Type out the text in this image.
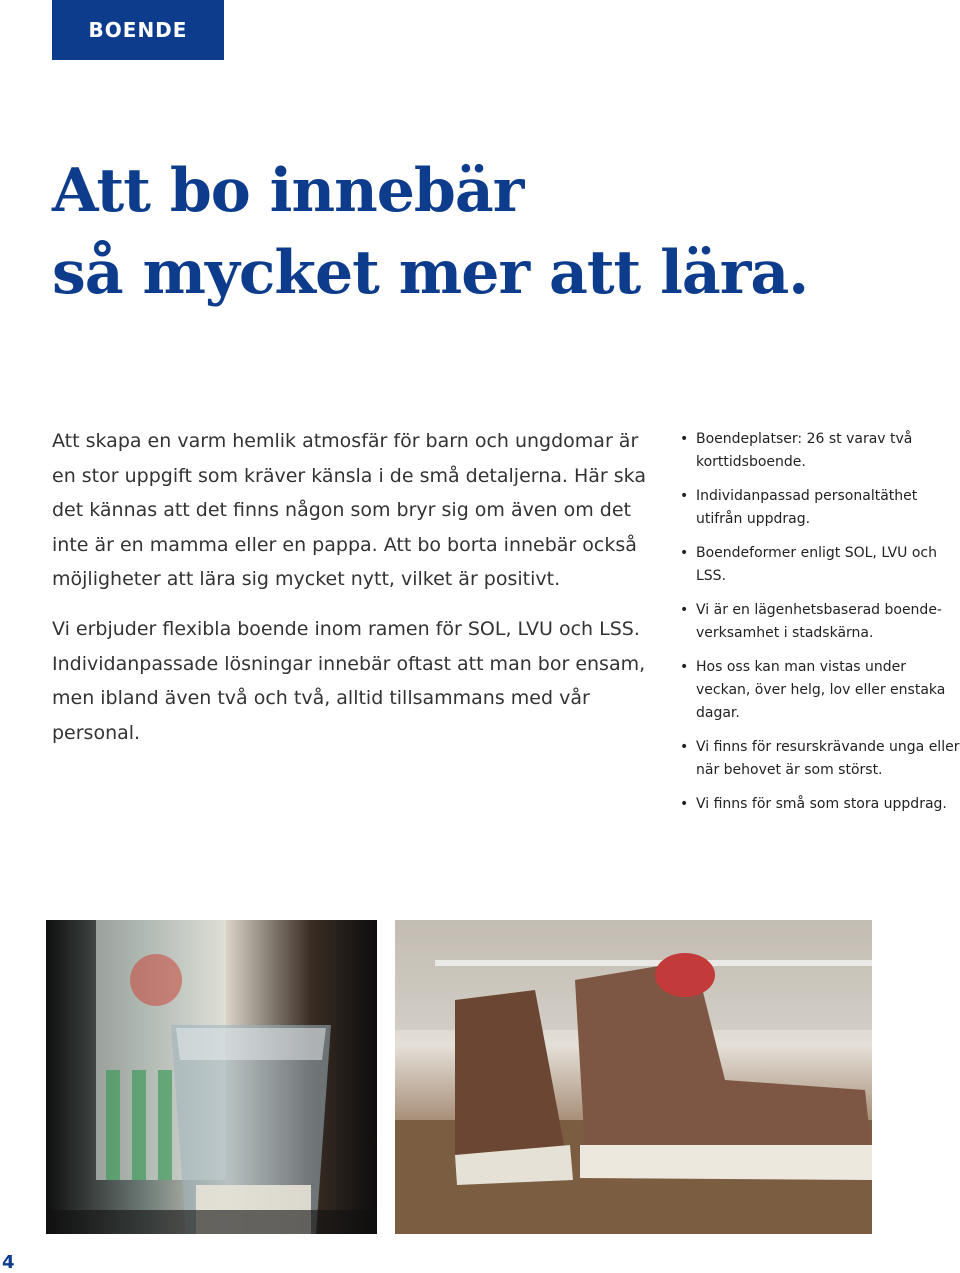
BOENDE
Att bo innebär
så mycket mer att lära.

Att skapa en varm hemlik atmosfär för barn och ungdomar är en stor uppgift som kräver känsla i de små detaljerna. Här ska det kännas att det finns någon som bryr sig om även om det inte är en mamma eller en pappa. Att bo borta innebär också möjligheter att lära sig mycket nytt, vilket är positivt.

Vi erbjuder flexibla boende inom ramen för SOL, LVU och LSS. Individanpassade lösningar innebär oftast att man bor ensam, men ibland även två och två, alltid tillsammans med vår personal.

• Boendeplatser: 26 st varav två korttidsboende.
• Individanpassad personaltäthet utifrån uppdrag.
• Boendeformer enligt SOL, LVU och LSS.
• Vi är en lägenhetsbaserad boende-verksamhet i stadskärna.
• Hos oss kan man vistas under veckan, över helg, lov eller enstaka dagar.
• Vi finns för resurskrävande unga eller när behovet är som störst.
• Vi finns för små som stora uppdrag.
4
